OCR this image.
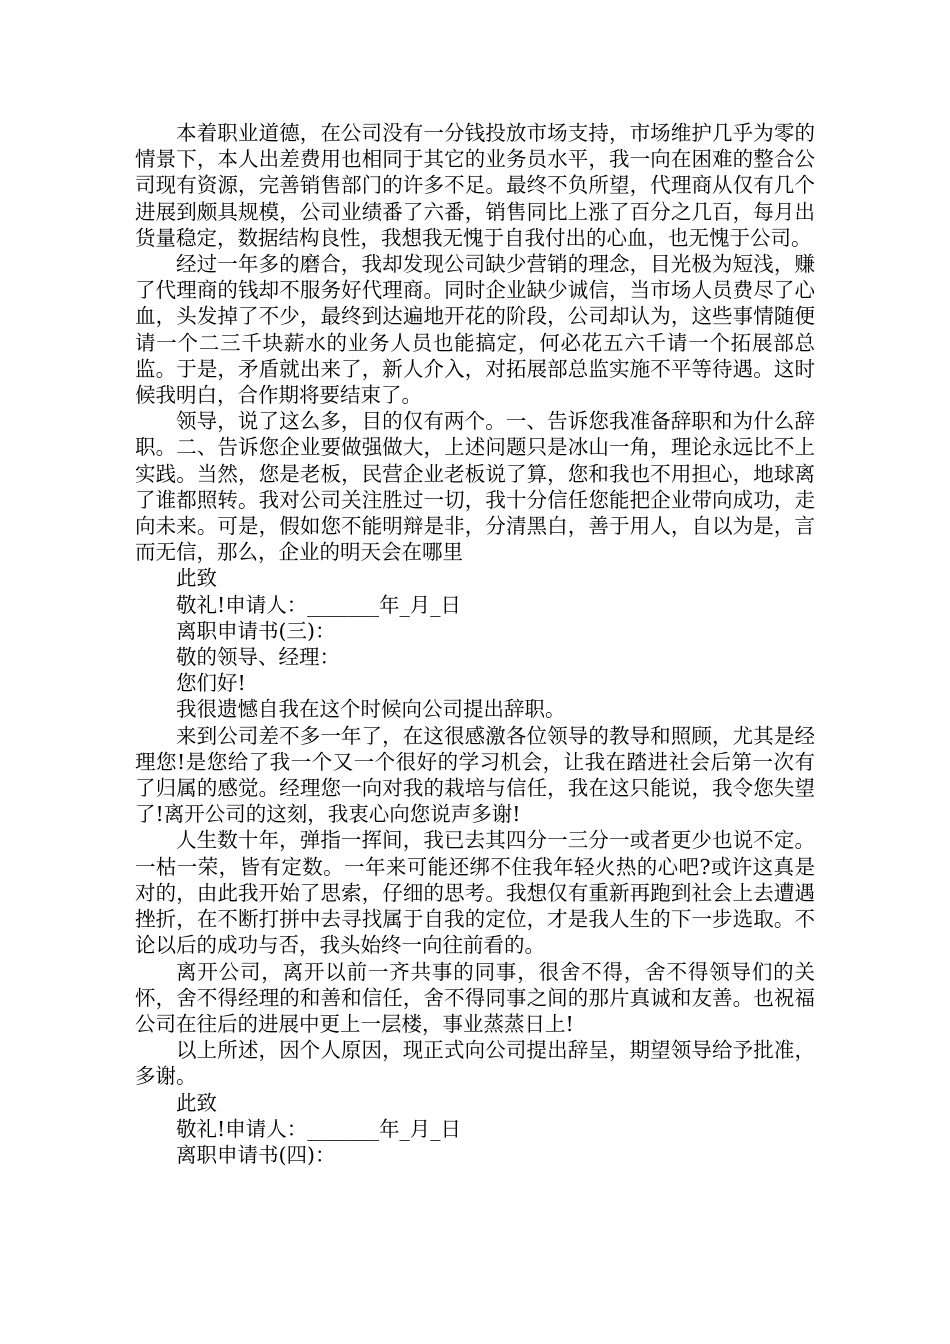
本着职业道德，在公司没有一分钱投放市场支持，市场维护几乎为零的情景下，本人出差费用也相同于其它的业务员水平，我一向在困难的整合公司现有资源，完善销售部门的许多不足。最终不负所望，代理商从仅有几个进展到颇具规模，公司业绩番了六番，销售同比上涨了百分之几百，每月出货量稳定，数据结构良性，我想我无愧于自我付出的心血，也无愧于公司。

经过一年多的磨合，我却发现公司缺少营销的理念，目光极为短浅，赚了代理商的钱却不服务好代理商。同时企业缺少诚信，当市场人员费尽了心血，头发掉了不少，最终到达遍地开花的阶段，公司却认为，这些事情随便请一个二三千块薪水的业务人员也能搞定，何必花五六千请一个拓展部总监。于是，矛盾就出来了，新人介入，对拓展部总监实施不平等待遇。这时候我明白，合作期将要结束了。

领导，说了这么多，目的仅有两个。一、告诉您我准备辞职和为什么辞职。二、告诉您企业要做强做大，上述问题只是冰山一角，理论永远比不上实践。当然，您是老板，民营企业老板说了算，您和我也不用担心，地球离了谁都照转。我对公司关注胜过一切，我十分信任您能把企业带向成功，走向未来。可是，假如您不能明辩是非，分清黑白，善于用人，自以为是，言而无信，那么，企业的明天会在哪里

此致

敬礼!申请人：_______年_月_日

离职申请书(三)：

敬的领导、经理：

您们好!

我很遗憾自我在这个时候向公司提出辞职。

来到公司差不多一年了，在这很感激各位领导的教导和照顾，尤其是经理您!是您给了我一个又一个很好的学习机会，让我在踏进社会后第一次有了归属的感觉。经理您一向对我的栽培与信任，我在这只能说，我令您失望了!离开公司的这刻，我衷心向您说声多谢!

人生数十年，弹指一挥间，我已去其四分一三分一或者更少也说不定。一枯一荣，皆有定数。一年来可能还绑不住我年轻火热的心吧?或许这真是对的，由此我开始了思索，仔细的思考。我想仅有重新再跑到社会上去遭遇挫折，在不断打拼中去寻找属于自我的定位，才是我人生的下一步选取。不论以后的成功与否，我头始终一向往前看的。

离开公司，离开以前一齐共事的同事，很舍不得，舍不得领导们的关怀，舍不得经理的和善和信任，舍不得同事之间的那片真诚和友善。也祝福公司在往后的进展中更上一层楼，事业蒸蒸日上!

以上所述，因个人原因，现正式向公司提出辞呈，期望领导给予批准，多谢。

此致

敬礼!申请人：_______年_月_日

离职申请书(四)：
